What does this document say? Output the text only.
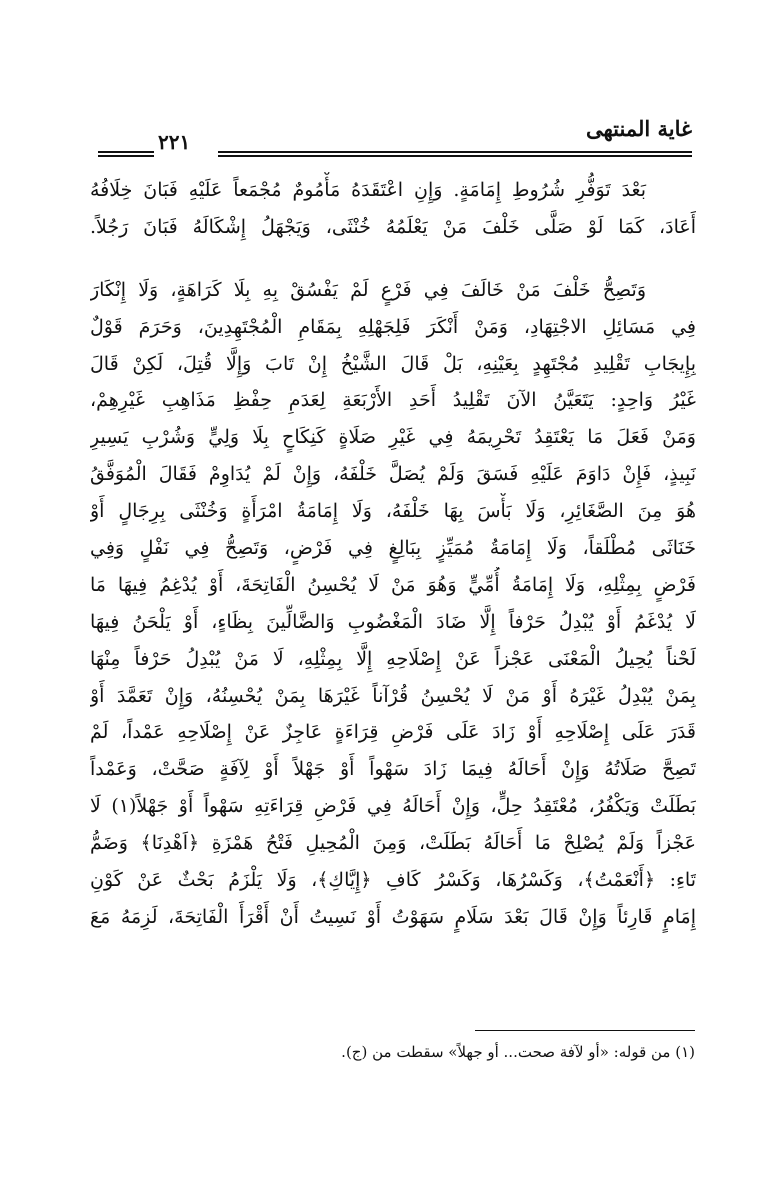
غاية المنتهى
٢٢١
بَعْدَ تَوَفُّرِ شُرُوطِ إِمَامَةٍ. وَإِنِ اعْتَقَدَهُ مَأْمُومٌ مُجْمَعاً عَلَيْهِ فَبَانَ خِلَافُهُ
أَعَادَ، كَمَا لَوْ صَلَّى خَلْفَ مَنْ يَعْلَمُهُ خُنْثَى، وَيَجْهَلُ إِشْكَالَهُ فَبَانَ رَجُلاً.
وَتَصِحُّ خَلْفَ مَنْ خَالَفَ فِي فَرْعٍ لَمْ يَفْسُقْ بِهِ بِلَا كَرَاهَةٍ، وَلَا إِنْكَارَ
فِي مَسَائِلِ الاجْتِهَادِ، وَمَنْ أَنْكَرَ فَلِجَهْلِهِ بِمَقَامِ الْمُجْتَهِدِينَ، وَحَرَمَ قَوْلٌ
بِإِيجَابِ تَقْلِيدِ مُجْتَهِدٍ بِعَيْنِهِ، بَلْ قَالَ الشَّيْخُ إِنْ تَابَ وَإِلَّا قُتِلَ، لَكِنْ قَالَ
غَيْرُ وَاحِدٍ: يَتَعَيَّنُ الآنَ تَقْلِيدُ أَحَدِ الأَرْبَعَةِ لِعَدَمِ حِفْظِ مَذَاهِبِ غَيْرِهِمْ،
وَمَنْ فَعَلَ مَا يَعْتَقِدُ تَحْرِيمَهُ فِي غَيْرِ صَلَاةٍ كَنِكَاحٍ بِلَا وَلِيٍّ وَشُرْبِ يَسِيرِ
نَبِيذٍ، فَإِنْ دَاوَمَ عَلَيْهِ فَسَقَ وَلَمْ يُصَلَّ خَلْفَهُ، وَإِنْ لَمْ يُدَاوِمْ فَقَالَ الْمُوَفَّقُ
هُوَ مِنَ الصَّغَائِرِ، وَلَا بَأْسَ بِهَا خَلْفَهُ، وَلَا إِمَامَةُ امْرَأَةٍ وَخُنْثَى بِرِجَالٍ أَوْ
خَنَاثَى مُطْلَقاً، وَلَا إِمَامَةُ مُمَيِّزٍ بِبَالِغٍ فِي فَرْضٍ، وَتَصِحُّ فِي نَفْلٍ وَفِي
فَرْضٍ بِمِثْلِهِ، وَلَا إِمَامَةُ أُمِّيٍّ وَهُوَ مَنْ لَا يُحْسِنُ الْفَاتِحَةَ، أَوْ يُدْغِمُ فِيهَا مَا
لَا يُدْغَمُ أَوْ يُبْدِلُ حَرْفاً إِلَّا ضَادَ الْمَغْضُوبِ وَالضَّالِّينَ بِظَاءٍ، أَوْ يَلْحَنُ فِيهَا
لَحْناً يُحِيلُ الْمَعْنَى عَجْزاً عَنْ إِصْلَاحِهِ إِلَّا بِمِثْلِهِ، لَا مَنْ يُبْدِلُ حَرْفاً مِنْهَا
بِمَنْ يُبْدِلُ غَيْرَهُ أَوْ مَنْ لَا يُحْسِنُ قُرْآناً غَيْرَهَا بِمَنْ يُحْسِنُهُ، وَإِنْ تَعَمَّدَ أَوْ
قَدَرَ عَلَى إِصْلَاحِهِ أَوْ زَادَ عَلَى فَرْضِ قِرَاءَةٍ عَاجِزٌ عَنْ إِصْلَاحِهِ عَمْداً، لَمْ
تَصِحَّ صَلَاتُهُ وَإِنْ أَحَالَهُ فِيمَا زَادَ سَهْواً أَوْ جَهْلاً أَوْ لِآفَةٍ صَحَّتْ، وَعَمْداً
بَطَلَتْ وَيَكْفُرُ، مُعْتَقِدُ حِلٍّ، وَإِنْ أَحَالَهُ فِي فَرْضِ قِرَاءَتِهِ سَهْواً أَوْ جَهْلاً(١) لَا
عَجْزاً وَلَمْ يُصْلِحْ مَا أَحَالَهُ بَطَلَتْ، وَمِنَ الْمُحِيلِ فَتْحُ هَمْزَةِ ﴿اَهْدِنَا﴾ وَضَمُّ
تَاءِ: ﴿أَنْعَمْتُ﴾، وَكَسْرُهَا، وَكَسْرُ كَافِ ﴿إِيَّاكِ﴾، وَلَا يَلْزَمُ بَحْثٌ عَنْ كَوْنِ
إِمَامٍ قَارِئاً وَإِنْ قَالَ بَعْدَ سَلَامٍ سَهَوْتُ أَوْ نَسِيتُ أَنْ أَقْرَأَ الْفَاتِحَةَ، لَزِمَهُ مَعَ
(١) من قوله: «أو لآفة صحت... أو جهلاً» سقطت من (ج).
